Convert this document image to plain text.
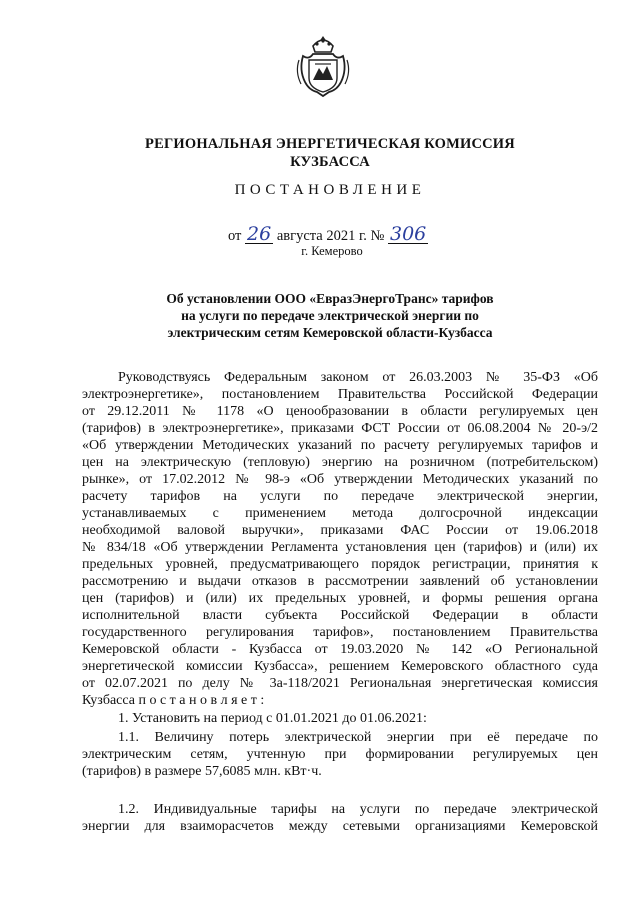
РЕГИОНАЛЬНАЯ ЭНЕРГЕТИЧЕСКАЯ КОМИССИЯ
КУЗБАССА
ПОСТАНОВЛЕНИЕ
от 26 августа 2021 г. № 306
г. Кемерово
Об установлении ООО «ЕвразЭнергоТранс» тарифов
на услуги по передаче электрической энергии по
электрическим сетям Кемеровской области-Кузбасса
Руководствуясь Федеральным законом от 26.03.2003 № 35-ФЗ «Об
электроэнергетике», постановлением Правительства Российской Федерации
от 29.12.2011 № 1178 «О ценообразовании в области регулируемых цен
(тарифов) в электроэнергетике», приказами ФСТ России от 06.08.2004 № 20-э/2
«Об утверждении Методических указаний по расчету регулируемых тарифов и
цен на электрическую (тепловую) энергию на розничном (потребительском)
рынке», от 17.02.2012 № 98-э «Об утверждении Методических указаний по
расчету тарифов на услуги по передаче электрической энергии,
устанавливаемых с применением метода долгосрочной индексации
необходимой валовой выручки», приказами ФАС России от 19.06.2018
№ 834/18 «Об утверждении Регламента установления цен (тарифов) и (или) их
предельных уровней, предусматривающего порядок регистрации, принятия к
рассмотрению и выдачи отказов в рассмотрении заявлений об установлении
цен (тарифов) и (или) их предельных уровней, и формы решения органа
исполнительной власти субъекта Российской Федерации в области
государственного регулирования тарифов», постановлением Правительства
Кемеровской области - Кузбасса от 19.03.2020 № 142 «О Региональной
энергетической комиссии Кузбасса», решением Кемеровского областного суда
от 02.07.2021 по делу № 3а-118/2021 Региональная энергетическая комиссия
Кузбасса п о с т а н о в л я е т :
1. Установить на период с 01.01.2021 до 01.06.2021:
1.1. Величину потерь электрической энергии при её передаче по
электрическим сетям, учтенную при формировании регулируемых цен
(тарифов) в размере 57,6085 млн. кВт·ч.
1.2. Индивидуальные тарифы на услуги по передаче электрической
энергии для взаиморасчетов между сетевыми организациями Кемеровской
